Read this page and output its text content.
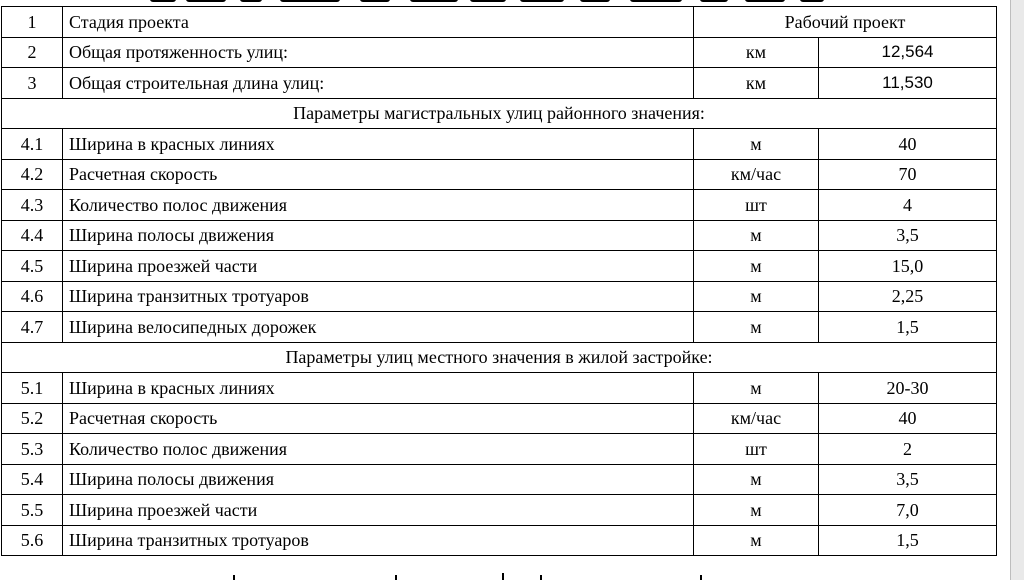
1	Стадия проекта	Рабочий проект	
2	Общая протяженность улиц:	км	12,564
3	Общая строительная длина улиц:	км	11,530
Параметры магистральных улиц районного значения:			
4.1	Ширина в красных линиях	м	40
4.2	Расчетная скорость	км/час	70
4.3	Количество полос движения	шт	4
4.4	Ширина полосы движения	м	3,5
4.5	Ширина проезжей части	м	15,0
4.6	Ширина транзитных тротуаров	м	2,25
4.7	Ширина велосипедных дорожек	м	1,5
Параметры улиц местного значения в жилой застройке:			
5.1	Ширина в красных линиях	м	20-30
5.2	Расчетная скорость	км/час	40
5.3	Количество полос движения	шт	2
5.4	Ширина полосы движения	м	3,5
5.5	Ширина проезжей части	м	7,0
5.6	Ширина транзитных тротуаров	м	1,5
